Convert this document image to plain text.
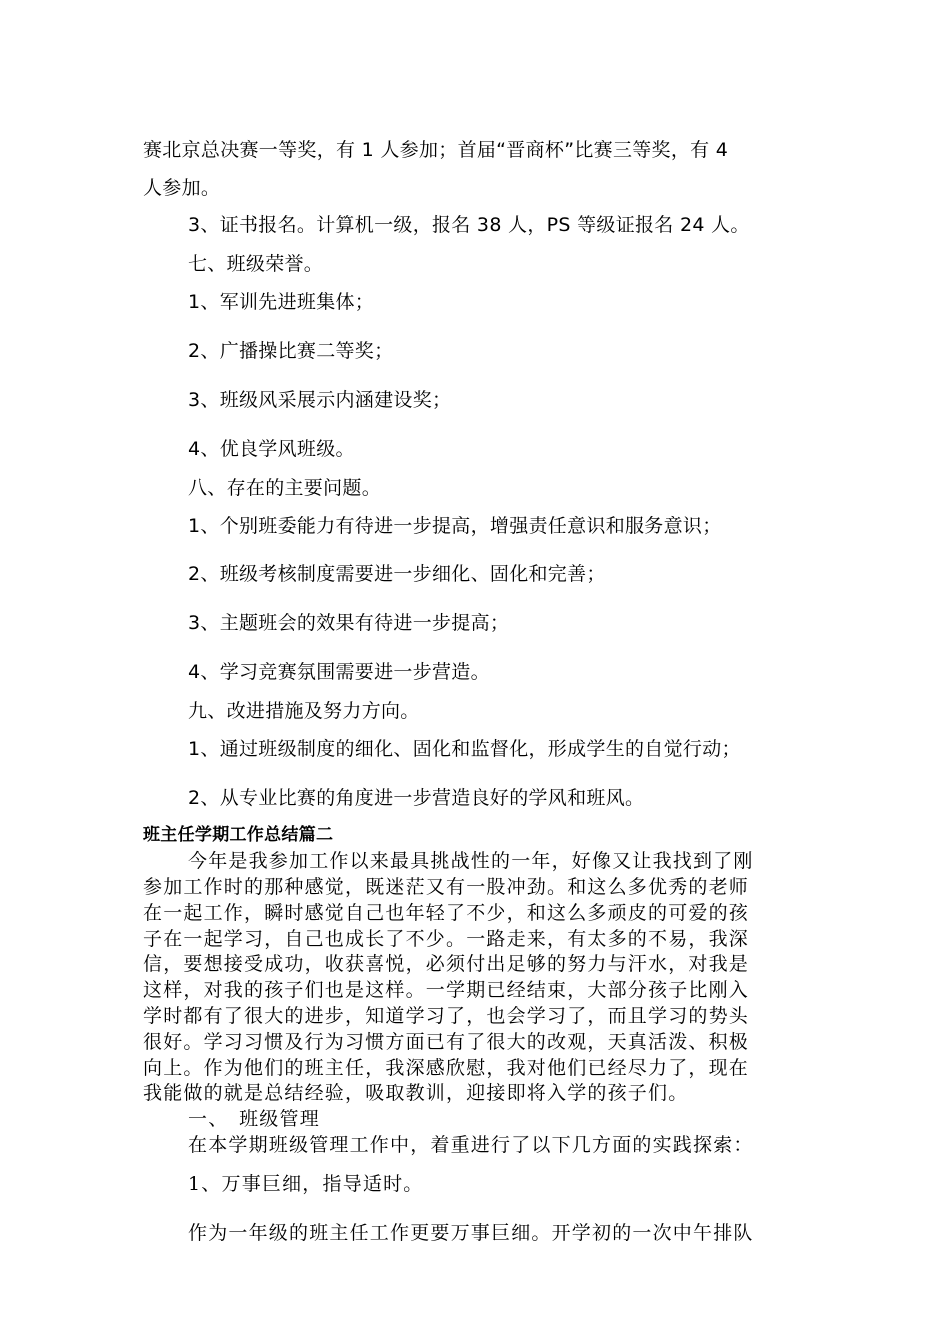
赛北京总决赛一等奖，有 1 人参加；首届“晋商杯”比赛三等奖，有 4
人参加。
3、证书报名。计算机一级，报名 38 人，PS 等级证报名 24 人。
七、班级荣誉。
1、军训先进班集体；
2、广播操比赛二等奖；
3、班级风采展示内涵建设奖；
4、优良学风班级。
八、存在的主要问题。
1、个别班委能力有待进一步提高，增强责任意识和服务意识；
2、班级考核制度需要进一步细化、固化和完善；
3、主题班会的效果有待进一步提高；
4、学习竞赛氛围需要进一步营造。
九、改进措施及努力方向。
1、通过班级制度的细化、固化和监督化，形成学生的自觉行动；
2、从专业比赛的角度进一步营造良好的学风和班风。
班主任学期工作总结篇二
今年是我参加工作以来最具挑战性的一年，好像又让我找到了刚
参加工作时的那种感觉，既迷茫又有一股冲劲。和这么多优秀的老师
在一起工作，瞬时感觉自己也年轻了不少，和这么多顽皮的可爱的孩
子在一起学习，自己也成长了不少。一路走来，有太多的不易，我深
信，要想接受成功，收获喜悦，必须付出足够的努力与汗水，对我是
这样，对我的孩子们也是这样。一学期已经结束，大部分孩子比刚入
学时都有了很大的进步，知道学习了，也会学习了，而且学习的势头
很好。学习习惯及行为习惯方面已有了很大的改观，天真活泼、积极
向上。作为他们的班主任，我深感欣慰，我对他们已经尽力了，现在
我能做的就是总结经验，吸取教训，迎接即将入学的孩子们。
一、　班级管理
在本学期班级管理工作中，着重进行了以下几方面的实践探索：
1、万事巨细，指导适时。
作为一年级的班主任工作更要万事巨细。开学初的一次中午排队
